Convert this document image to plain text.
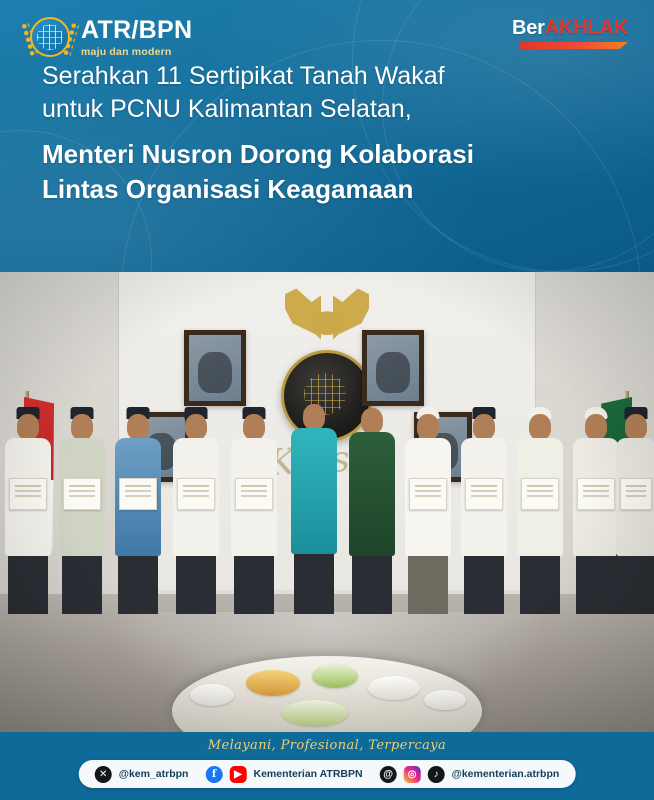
ATR/BPN
maju dan modern
BerAKHLAK
Serahkan 11 Sertipikat Tanah Wakaf
untuk PCNU Kalimantan Selatan,
Menteri Nusron Dorong Kolaborasi
Lintas Organisasi Keagamaan
Melayani, Profesional, Terpercaya
✕	@kem_atrbpn	f	▶	Kementerian ATRBPN	@	◎	♪	@kementerian.atrbpn
